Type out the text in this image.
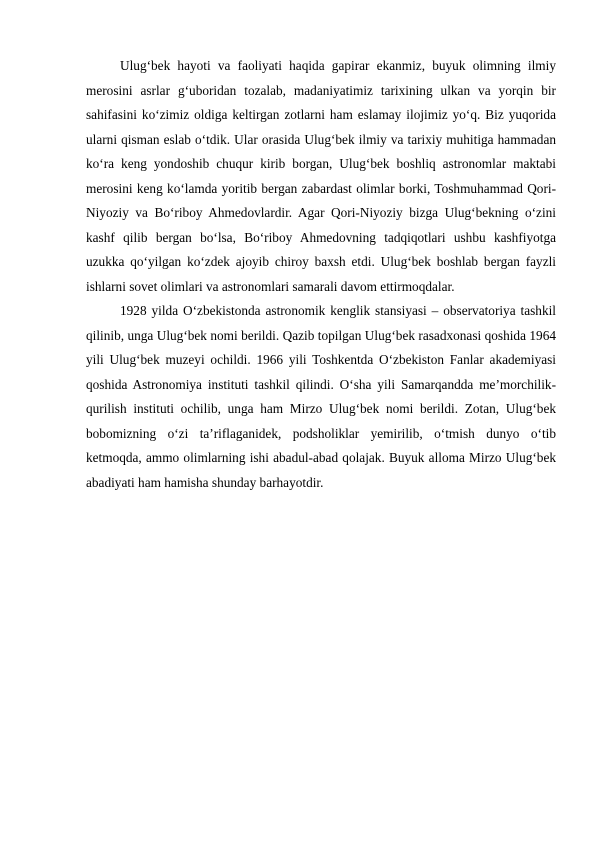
Ulug‘bek hayoti va faoliyati haqida gapirar ekanmiz, buyuk olimning ilmiy merosini asrlar g‘uboridan tozalab, madaniyatimiz tarixining ulkan va yorqin bir sahifasini ko‘zimiz oldiga keltirgan zotlarni ham eslamay ilojimiz yo‘q. Biz yuqorida ularni qisman eslab o‘tdik. Ular orasida Ulug‘bek ilmiy va tarixiy muhitiga hammadan ko‘ra keng yondoshib chuqur kirib borgan, Ulug‘bek boshliq astronomlar maktabi merosini keng ko‘lamda yoritib bergan zabardast olimlar borki, Toshmuhammad Qori-Niyoziy va Bo‘riboy Ahmedovlardir. Agar Qori-Niyoziy bizga Ulug‘bekning o‘zini kashf qilib bergan bo‘lsa, Bo‘riboy Ahmedovning tadqiqotlari ushbu kashfiyotga uzukka qo‘yilgan ko‘zdek ajoyib chiroy baxsh etdi. Ulug‘bek boshlab bergan fayzli ishlarni sovet olimlari va astronomlari samarali davom ettirmoqdalar.

1928 yilda O‘zbekistonda astronomik kenglik stansiyasi – observatoriya tashkil qilinib, unga Ulug‘bek nomi berildi. Qazib topilgan Ulug‘bek rasadxonasi qoshida 1964 yili Ulug‘bek muzeyi ochildi. 1966 yili Toshkentda O‘zbekiston Fanlar akademiyasi qoshida Astronomiya instituti tashkil qilindi. O‘sha yili Samarqandda me’morchilik-qurilish instituti ochilib, unga ham Mirzo Ulug‘bek nomi berildi. Zotan, Ulug‘bek bobomizning o‘zi ta’riflaganidek, podsholiklar yemirilib, o‘tmish dunyo o‘tib ketmoqda, ammo olimlarning ishi abadul-abad qolajak. Buyuk alloma Mirzo Ulug‘bek abadiyati ham hamisha shunday barhayotdir.
